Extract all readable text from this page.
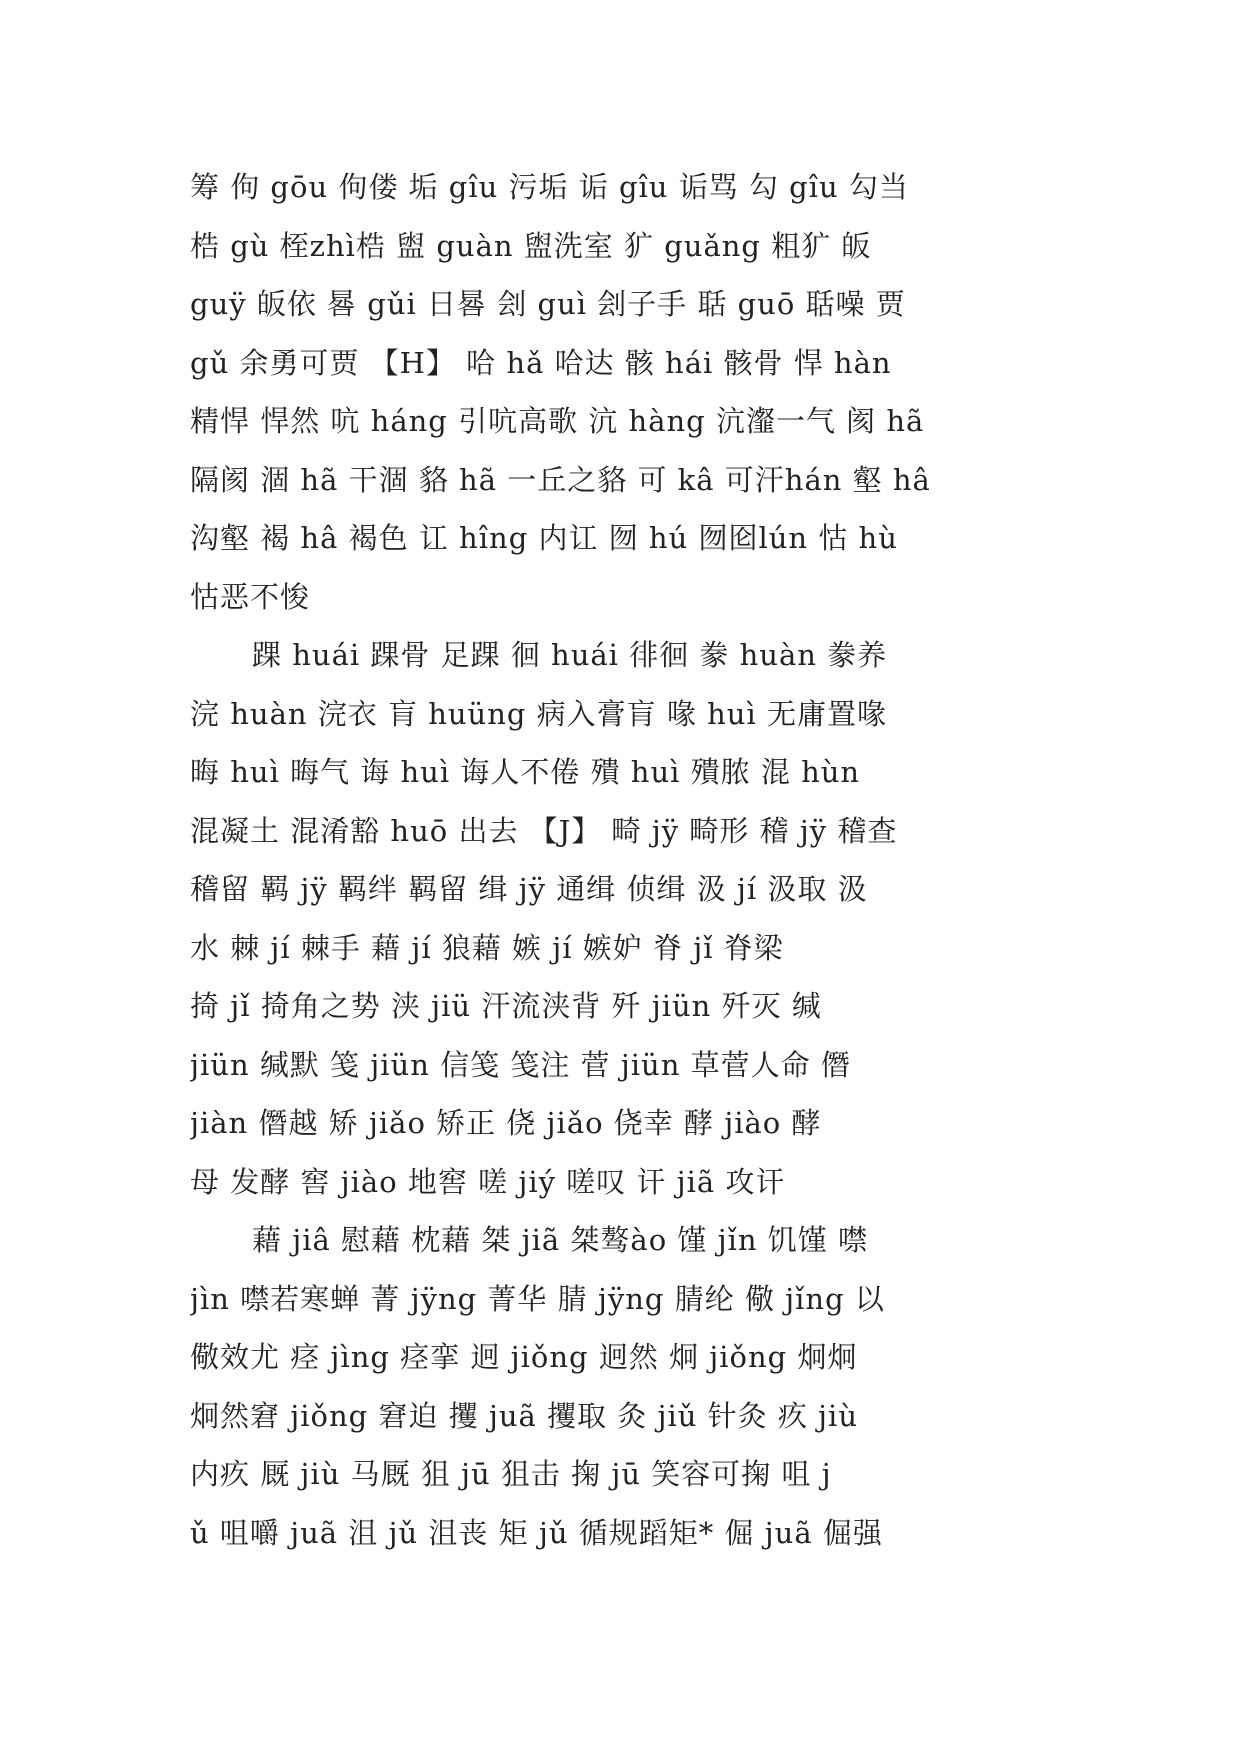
筹 佝 gōu 佝偻 垢 gîu 污垢 诟 gîu 诟骂 勾 gîu 勾当
梏 gù 桎zhì梏 盥 guàn 盥洗室 犷 guǎng 粗犷 皈
guÿ 皈依 晷 gǔi 日晷 刽 guì 刽子手 聒 guō 聒噪 贾
gǔ 余勇可贾 【H】 哈 hǎ 哈达 骸 hái 骸骨 悍 hàn
精悍 悍然 吭 háng 引吭高歌 沆 hàng 沆瀣一气 阂 hã
隔阂 涸 hã 干涸 貉 hã 一丘之貉 可 kâ 可汗hán 壑 hâ
沟壑 褐 hâ 褐色 讧 hîng 内讧 囫 hú 囫囵lún 怙 hù
怙恶不悛
踝 huái 踝骨 足踝 徊 huái 徘徊 豢 huàn 豢养
浣 huàn 浣衣 肓 huüng 病入膏肓 喙 huì 无庸置喙
晦 huì 晦气 诲 huì 诲人不倦 殨 huì 殨脓 混 hùn
混凝土 混淆豁 huō 出去 【J】 畸 jÿ 畸形 稽 jÿ 稽查
稽留 羁 jÿ 羁绊 羁留 缉 jÿ 通缉 侦缉 汲 jí 汲取 汲
水 棘 jí 棘手 藉 jí 狼藉 嫉 jí 嫉妒 脊 jǐ 脊梁
掎 jǐ 掎角之势 浃 jiü 汗流浃背 歼 jiün 歼灭 缄
jiün 缄默 笺 jiün 信笺 笺注 菅 jiün 草菅人命 僭
jiàn 僭越 矫 jiǎo 矫正 侥 jiǎo 侥幸 酵 jiào 酵
母 发酵 窖 jiào 地窖 嗟 jiý 嗟叹 讦 jiã 攻讦
藉 jiâ 慰藉 枕藉 桀 jiã 桀骜ào 馑 jǐn 饥馑 噤
jìn 噤若寒蝉 菁 jÿng 菁华 腈 jÿng 腈纶 儆 jǐng 以
儆效尤 痉 jìng 痉挛 迥 jiǒng 迥然 炯 jiǒng 炯炯
炯然窘 jiǒng 窘迫 攫 juã 攫取 灸 jiǔ 针灸 疚 jiù
内疚 厩 jiù 马厩 狙 jū 狙击 掬 jū 笑容可掬 咀 j
ǔ 咀嚼 juã 沮 jǔ 沮丧 矩 jǔ 循规蹈矩* 倔 juã 倔强
